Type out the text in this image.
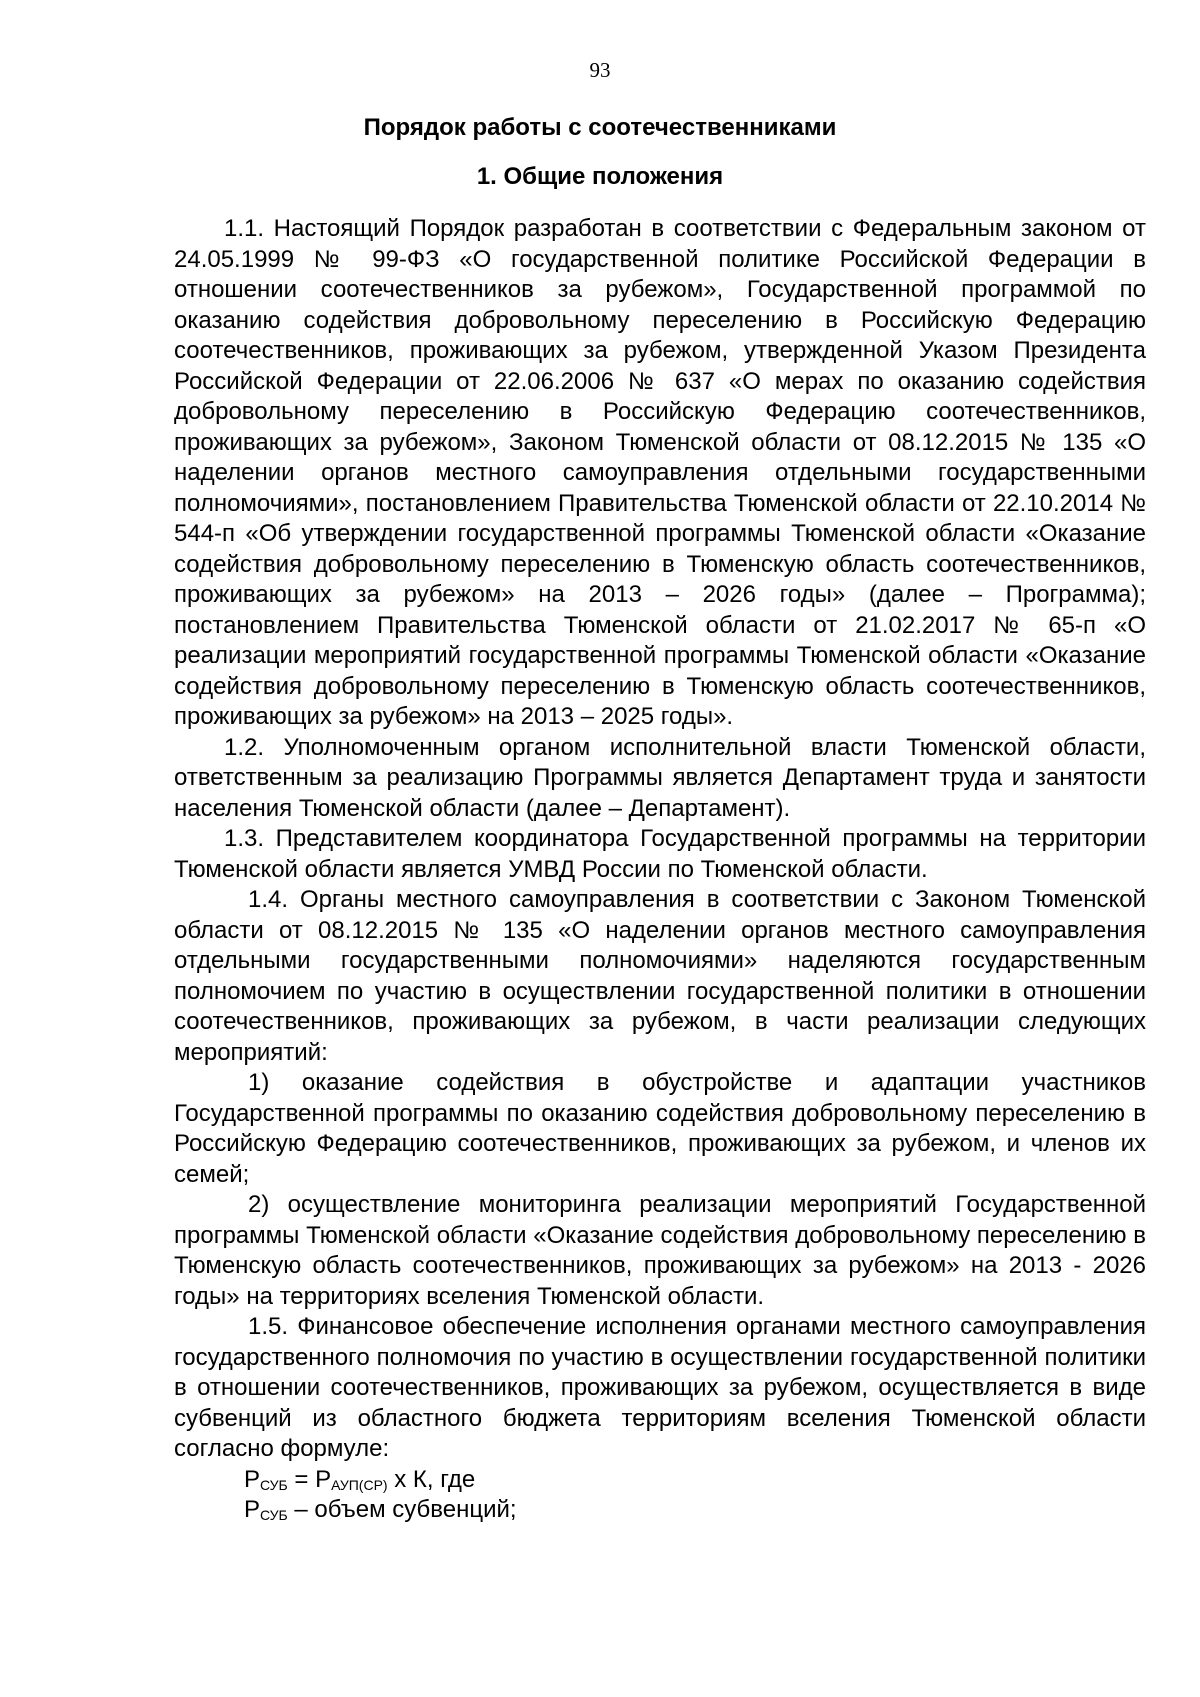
93
Порядок работы с соотечественниками
1. Общие положения

1.1. Настоящий Порядок разработан в соответствии с Федеральным законом от 24.05.1999 № 99-ФЗ «О государственной политике Российской Федерации в отношении соотечественников за рубежом», Государственной программой по оказанию содействия добровольному переселению в Российскую Федерацию соотечественников, проживающих за рубежом, утвержденной Указом Президента Российской Федерации от 22.06.2006 № 637 «О мерах по оказанию содействия добровольному переселению в Российскую Федерацию соотечественников, проживающих за рубежом», Законом Тюменской области от 08.12.2015 № 135 «О наделении органов местного самоуправления отдельными государственными полномочиями», постановлением Правительства Тюменской области от 22.10.2014 № 544-п «Об утверждении государственной программы Тюменской области «Оказание содействия добровольному переселению в Тюменскую область соотечественников, проживающих за рубежом» на 2013 – 2026 годы» (далее – Программа); постановлением Правительства Тюменской области от 21.02.2017 № 65-п «О реализации мероприятий государственной программы Тюменской области «Оказание содействия добровольному переселению в Тюменскую область соотечественников, проживающих за рубежом» на 2013 – 2025 годы».

1.2. Уполномоченным органом исполнительной власти Тюменской области, ответственным за реализацию Программы является Департамент труда и занятости населения Тюменской области (далее – Департамент).

1.3. Представителем координатора Государственной программы на территории Тюменской области является УМВД России по Тюменской области.

1.4. Органы местного самоуправления в соответствии с Законом Тюменской области от 08.12.2015 № 135 «О наделении органов местного самоуправления отдельными государственными полномочиями» наделяются государственным полномочием по участию в осуществлении государственной политики в отношении соотечественников, проживающих за рубежом, в части реализации следующих мероприятий:

1) оказание содействия в обустройстве и адаптации участников Государственной программы по оказанию содействия добровольному переселению в Российскую Федерацию соотечественников, проживающих за рубежом, и членов их семей;

2) осуществление мониторинга реализации мероприятий Государственной программы Тюменской области «Оказание содействия добровольному переселению в Тюменскую область соотечественников, проживающих за рубежом» на 2013 - 2026 годы» на территориях вселения Тюменской области.

1.5. Финансовое обеспечение исполнения органами местного самоуправления государственного полномочия по участию в осуществлении государственной политики в отношении соотечественников, проживающих за рубежом, осуществляется в виде субвенций из областного бюджета территориям вселения Тюменской области согласно формуле:

$P_{СУБ} = P_{АУП(СР)}$ х К, где

$P_{СУБ}$ – объем субвенций;
